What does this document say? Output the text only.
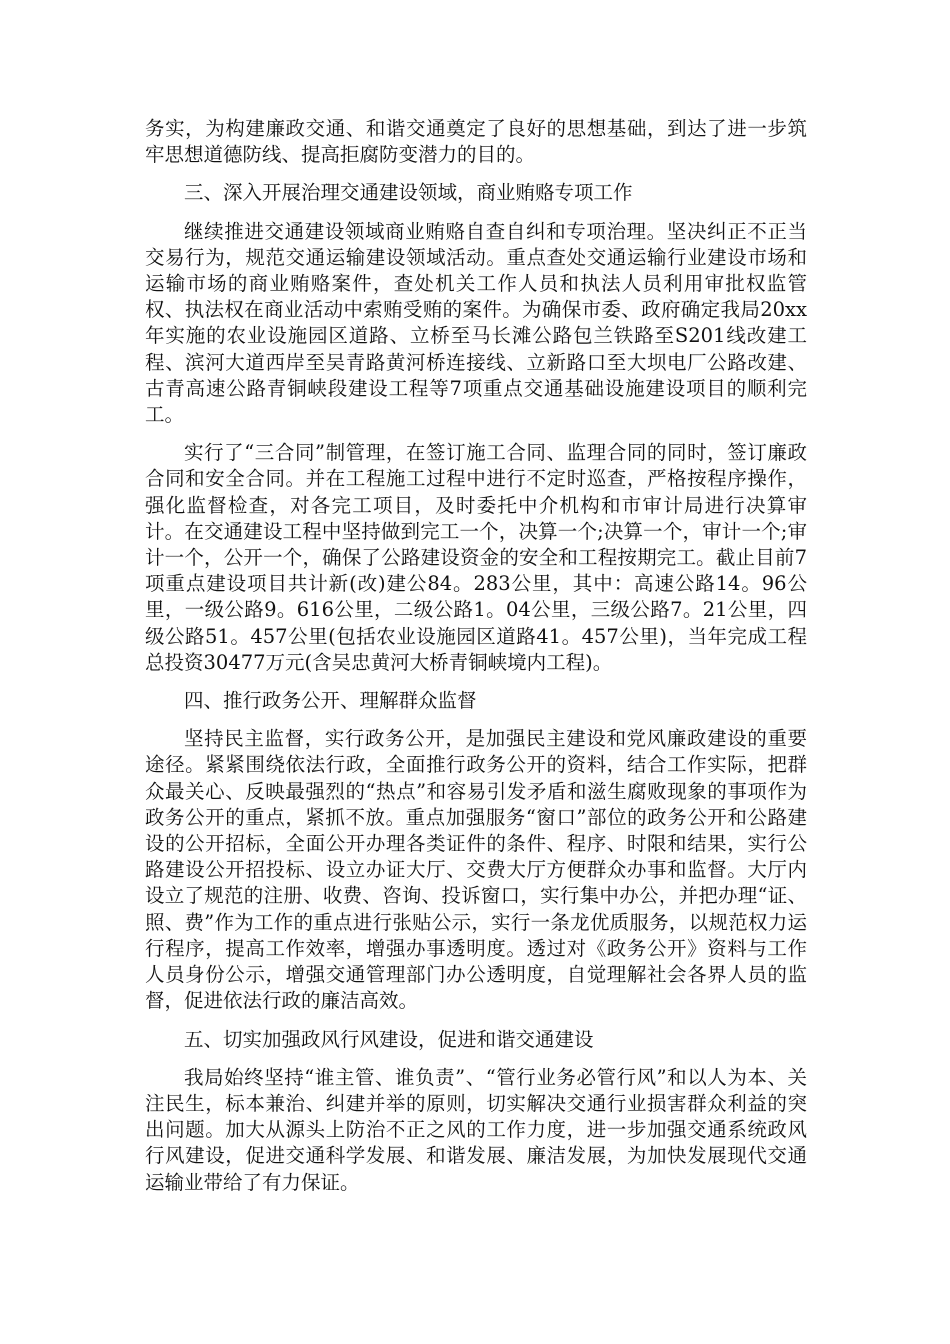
务实，为构建廉政交通、和谐交通奠定了良好的思想基础，到达了进一步筑牢思想道德防线、提高拒腐防变潜力的目的。

三、深入开展治理交通建设领域，商业贿赂专项工作

继续推进交通建设领域商业贿赂自查自纠和专项治理。坚决纠正不正当交易行为，规范交通运输建设领域活动。重点查处交通运输行业建设市场和运输市场的商业贿赂案件，查处机关工作人员和执法人员利用审批权监管权、执法权在商业活动中索贿受贿的案件。为确保市委、政府确定我局20xx年实施的农业设施园区道路、立桥至马长滩公路包兰铁路至S201线改建工程、滨河大道西岸至吴青路黄河桥连接线、立新路口至大坝电厂公路改建、古青高速公路青铜峡段建设工程等7项重点交通基础设施建设项目的顺利完工。

实行了“三合同”制管理，在签订施工合同、监理合同的同时，签订廉政合同和安全合同。并在工程施工过程中进行不定时巡查，严格按程序操作，强化监督检查，对各完工项目，及时委托中介机构和市审计局进行决算审计。在交通建设工程中坚持做到完工一个，决算一个;决算一个，审计一个;审计一个，公开一个，确保了公路建设资金的安全和工程按期完工。截止目前7项重点建设项目共计新(改)建公84。283公里，其中：高速公路14。96公里，一级公路9。616公里，二级公路1。04公里，三级公路7。21公里，四级公路51。457公里(包括农业设施园区道路41。457公里)，当年完成工程总投资30477万元(含吴忠黄河大桥青铜峡境内工程)。

四、推行政务公开、理解群众监督

坚持民主监督，实行政务公开，是加强民主建设和党风廉政建设的重要途径。紧紧围绕依法行政，全面推行政务公开的资料，结合工作实际，把群众最关心、反映最强烈的“热点”和容易引发矛盾和滋生腐败现象的事项作为政务公开的重点，紧抓不放。重点加强服务“窗口”部位的政务公开和公路建设的公开招标，全面公开办理各类证件的条件、程序、时限和结果，实行公路建设公开招投标、设立办证大厅、交费大厅方便群众办事和监督。大厅内设立了规范的注册、收费、咨询、投诉窗口，实行集中办公，并把办理“证、照、费”作为工作的重点进行张贴公示，实行一条龙优质服务，以规范权力运行程序，提高工作效率，增强办事透明度。透过对《政务公开》资料与工作人员身份公示，增强交通管理部门办公透明度，自觉理解社会各界人员的监督，促进依法行政的廉洁高效。

五、切实加强政风行风建设，促进和谐交通建设

我局始终坚持“谁主管、谁负责”、“管行业务必管行风”和以人为本、关注民生，标本兼治、纠建并举的原则，切实解决交通行业损害群众利益的突出问题。加大从源头上防治不正之风的工作力度，进一步加强交通系统政风行风建设，促进交通科学发展、和谐发展、廉洁发展，为加快发展现代交通运输业带给了有力保证。
